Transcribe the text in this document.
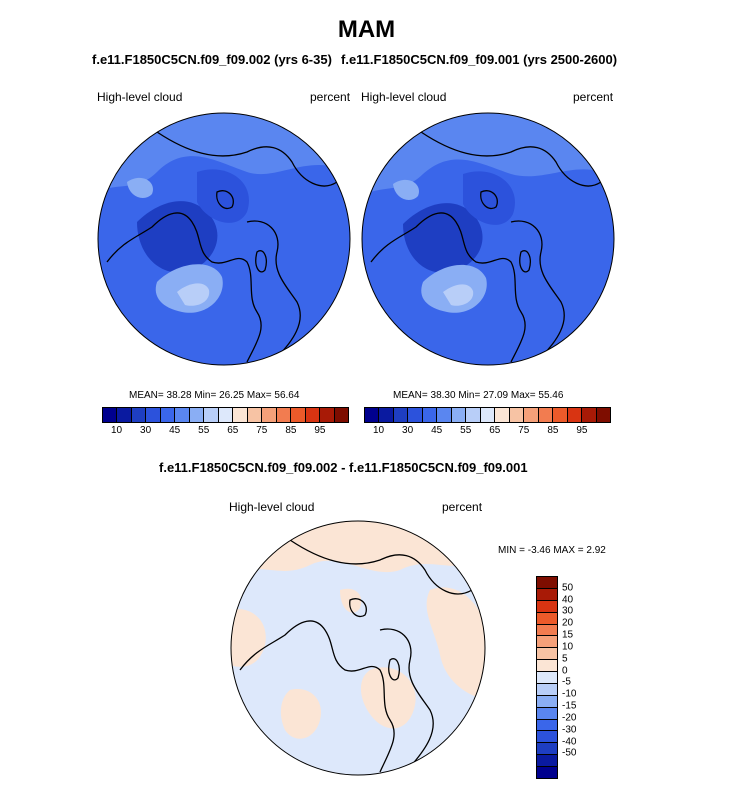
MAM
f.e11.F1850C5CN.f09_f09.002 (yrs 6-35) f.e11.F1850C5CN.f09_f09.001 (yrs 2500-2600)
High-level cloud	percent High-level cloud	percent
MEAN= 38.28 Min= 26.25 Max= 56.64	MEAN= 38.30 Min= 27.09 Max= 55.46
10 30 45 55 65 75 85 95	10 30 45 55 65 75 85 95
f.e11.F1850C5CN.f09_f09.002 - f.e11.F1850C5CN.f09_f09.001
High-level cloud	percent
MIN = -3.46 MAX = 2.92
50
40
30
20
15
10
5
0
-5
-10
-15
-20
-30
-40
-50
